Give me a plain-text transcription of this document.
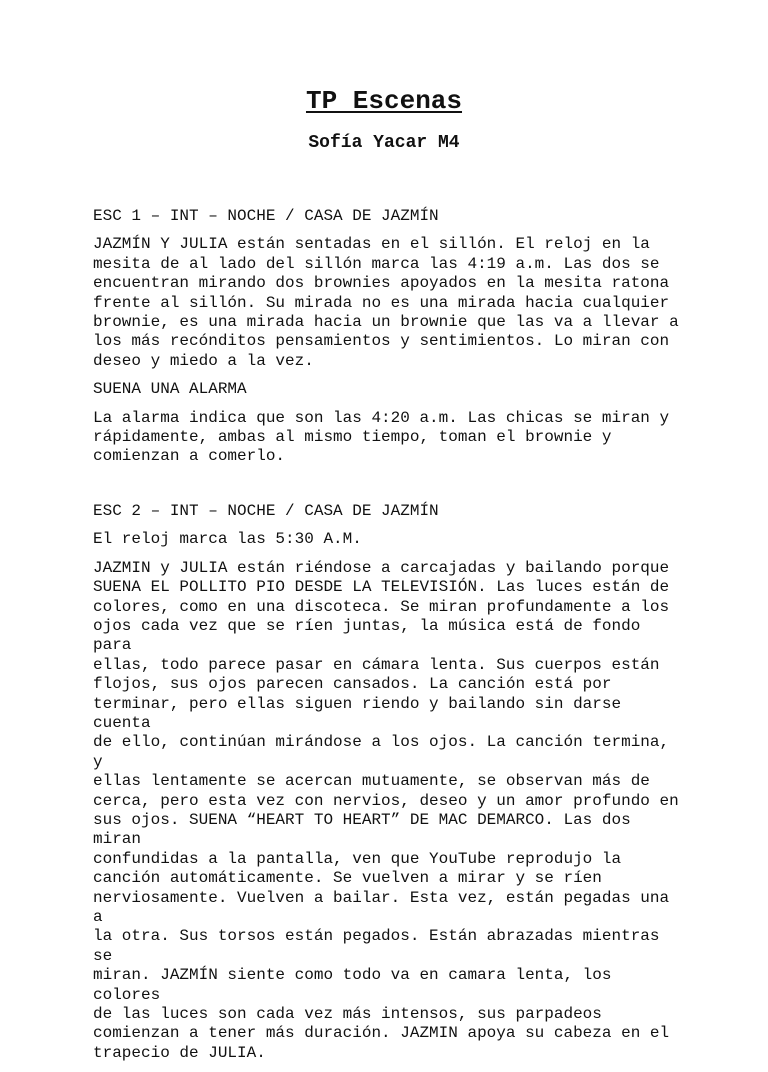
TP Escenas
Sofía Yacar M4

ESC 1 – INT – NOCHE / CASA DE JAZMÍN

JAZMÍN Y JULIA están sentadas en el sillón. El reloj en la
mesita de al lado del sillón marca las 4:19 a.m. Las dos se
encuentran mirando dos brownies apoyados en la mesita ratona
frente al sillón. Su mirada no es una mirada hacia cualquier
brownie, es una mirada hacia un brownie que las va a llevar a
los más recónditos pensamientos y sentimientos. Lo miran con
deseo y miedo a la vez.

SUENA UNA ALARMA

La alarma indica que son las 4:20 a.m. Las chicas se miran y
rápidamente, ambas al mismo tiempo, toman el brownie y
comienzan a comerlo.

ESC 2 – INT – NOCHE / CASA DE JAZMÍN

El reloj marca las 5:30 A.M.

JAZMIN y JULIA están riéndose a carcajadas y bailando porque
SUENA EL POLLITO PIO DESDE LA TELEVISIÓN. Las luces están de
colores, como en una discoteca. Se miran profundamente a los
ojos cada vez que se ríen juntas, la música está de fondo para
ellas, todo parece pasar en cámara lenta. Sus cuerpos están
flojos, sus ojos parecen cansados. La canción está por
terminar, pero ellas siguen riendo y bailando sin darse cuenta
de ello, continúan mirándose a los ojos. La canción termina, y
ellas lentamente se acercan mutuamente, se observan más de
cerca, pero esta vez con nervios, deseo y un amor profundo en
sus ojos. SUENA “HEART TO HEART” DE MAC DEMARCO. Las dos miran
confundidas a la pantalla, ven que YouTube reprodujo la
canción automáticamente. Se vuelven a mirar y se ríen
nerviosamente. Vuelven a bailar. Esta vez, están pegadas una a
la otra. Sus torsos están pegados. Están abrazadas mientras se
miran. JAZMÍN siente como todo va en camara lenta, los colores
de las luces son cada vez más intensos, sus parpadeos
comienzan a tener más duración. JAZMIN apoya su cabeza en el
trapecio de JULIA.
